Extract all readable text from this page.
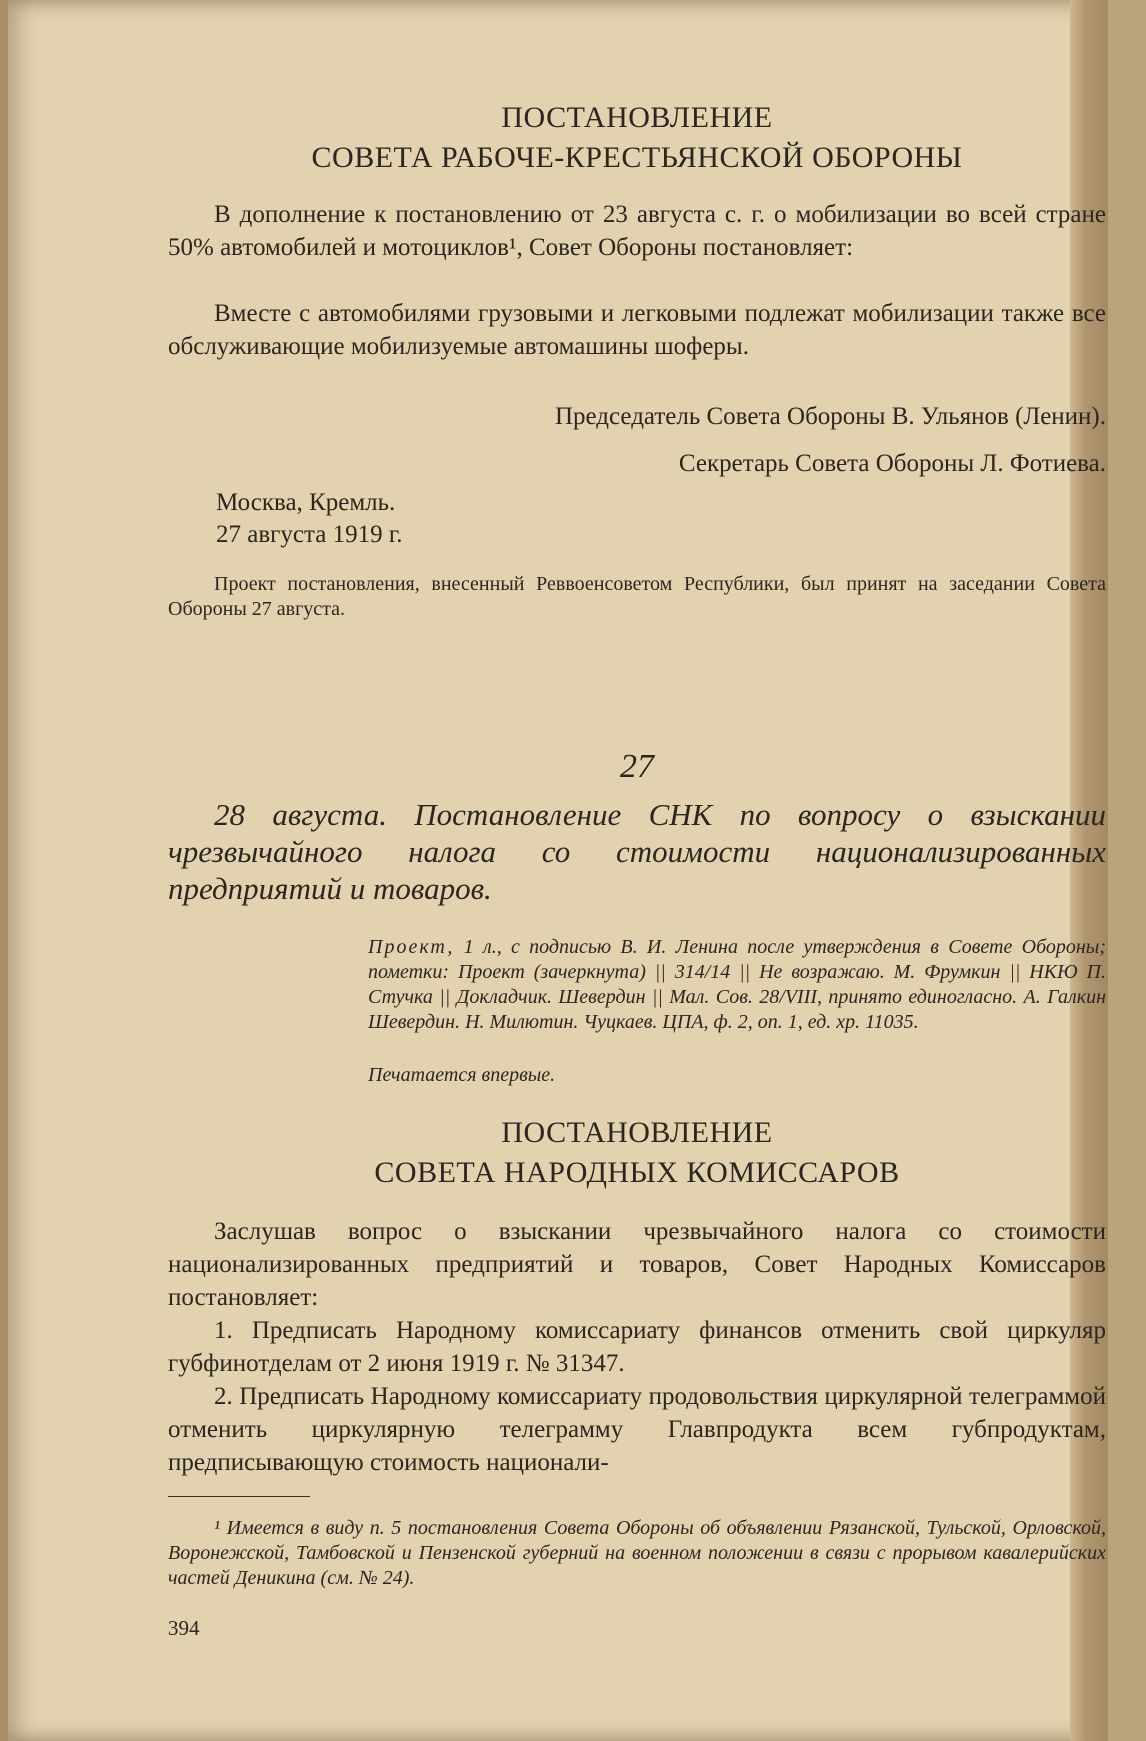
ПОСТАНОВЛЕНИЕ
СОВЕТА РАБОЧЕ-КРЕСТЬЯНСКОЙ ОБОРОНЫ
В дополнение к постановлению от 23 августа с. г. о мобилизации во всей стране 50% автомобилей и мотоциклов¹, Совет Обороны постановляет:
Вместе с автомобилями грузовыми и легковыми подлежат мобилизации также все обслуживающие мобилизуемые автомашины шоферы.
Председатель Совета Обороны В. Ульянов (Ленин).
Секретарь Совета Обороны Л. Фотиева.
Москва, Кремль.
27 августа 1919 г.
Проект постановления, внесенный Реввоенсоветом Республики, был принят на заседании Совета Обороны 27 августа.
27
28 августа. Постановление СНК по вопросу о взыскании чрезвычайного налога со стоимости национализированных предприятий и товаров.
Проект, 1 л., с подписью В. И. Ленина после утверждения в Совете Обороны; пометки: Проект (зачеркнута) || 314/14 || Не возражаю. М. Фрумкин || НКЮ П. Стучка || Докладчик. Шевердин || Мал. Сов. 28/VIII, принято единогласно. А. Галкин Шевердин. Н. Милютин. Чуцкаев. ЦПА, ф. 2, оп. 1, ед. хр. 11035.
Печатается впервые.
ПОСТАНОВЛЕНИЕ
СОВЕТА НАРОДНЫХ КОМИССАРОВ
Заслушав вопрос о взыскании чрезвычайного налога со стоимости национализированных предприятий и товаров, Совет Народных Комиссаров постановляет:
1. Предписать Народному комиссариату финансов отменить свой циркуляр губфинотделам от 2 июня 1919 г. № 31347.
2. Предписать Народному комиссариату продовольствия циркулярной телеграммой отменить циркулярную телеграмму Главпродукта всем губпродуктам, предписывающую стоимость национали-
¹ Имеется в виду п. 5 постановления Совета Обороны об объявлении Рязанской, Тульской, Орловской, Воронежской, Тамбовской и Пензенской губерний на военном положении в связи с прорывом кавалерийских частей Деникина (см. № 24).
394
